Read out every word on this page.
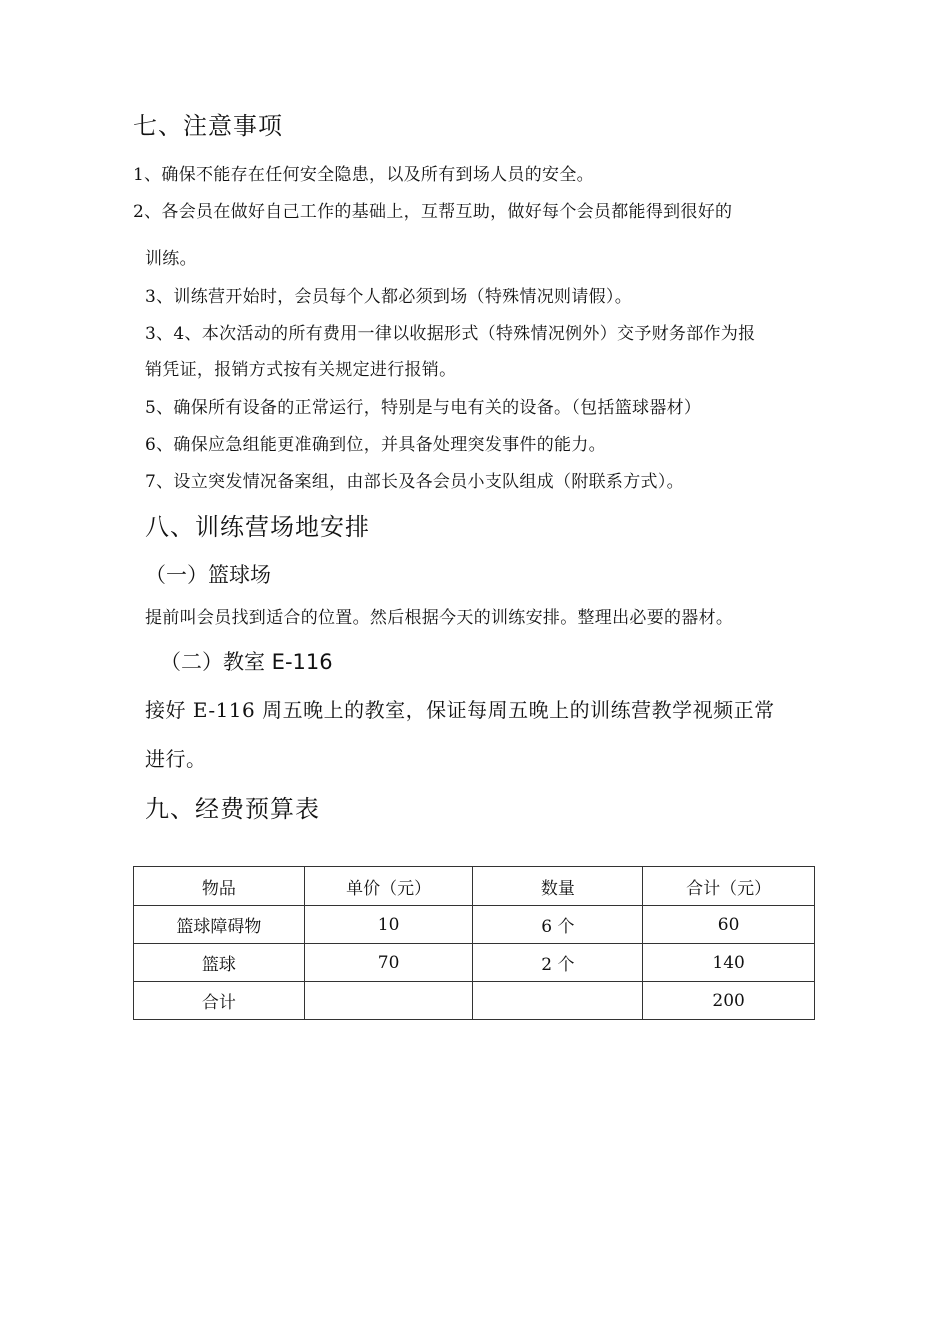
七、注意事项
1、确保不能存在任何安全隐患，以及所有到场人员的安全。
2、各会员在做好自己工作的基础上，互帮互助，做好每个会员都能得到很好的
训练。
3、训练营开始时，会员每个人都必须到场（特殊情况则请假）。
3、4、本次活动的所有费用一律以收据形式（特殊情况例外）交予财务部作为报
销凭证，报销方式按有关规定进行报销。
5、确保所有设备的正常运行，特别是与电有关的设备。（包括篮球器材）
6、确保应急组能更准确到位，并具备处理突发事件的能力。
7、设立突发情况备案组，由部长及各会员小支队组成（附联系方式）。
八、训练营场地安排
（一）篮球场
提前叫会员找到适合的位置。然后根据今天的训练安排。整理出必要的器材。
（二）教室 E-116
接好 E-116 周五晚上的教室，保证每周五晚上的训练营教学视频正常
进行。
九、经费预算表
物品	单价（元）	数量	合计（元）
篮球障碍物	10	6 个	60
篮球	70	2 个	140
合计			200
